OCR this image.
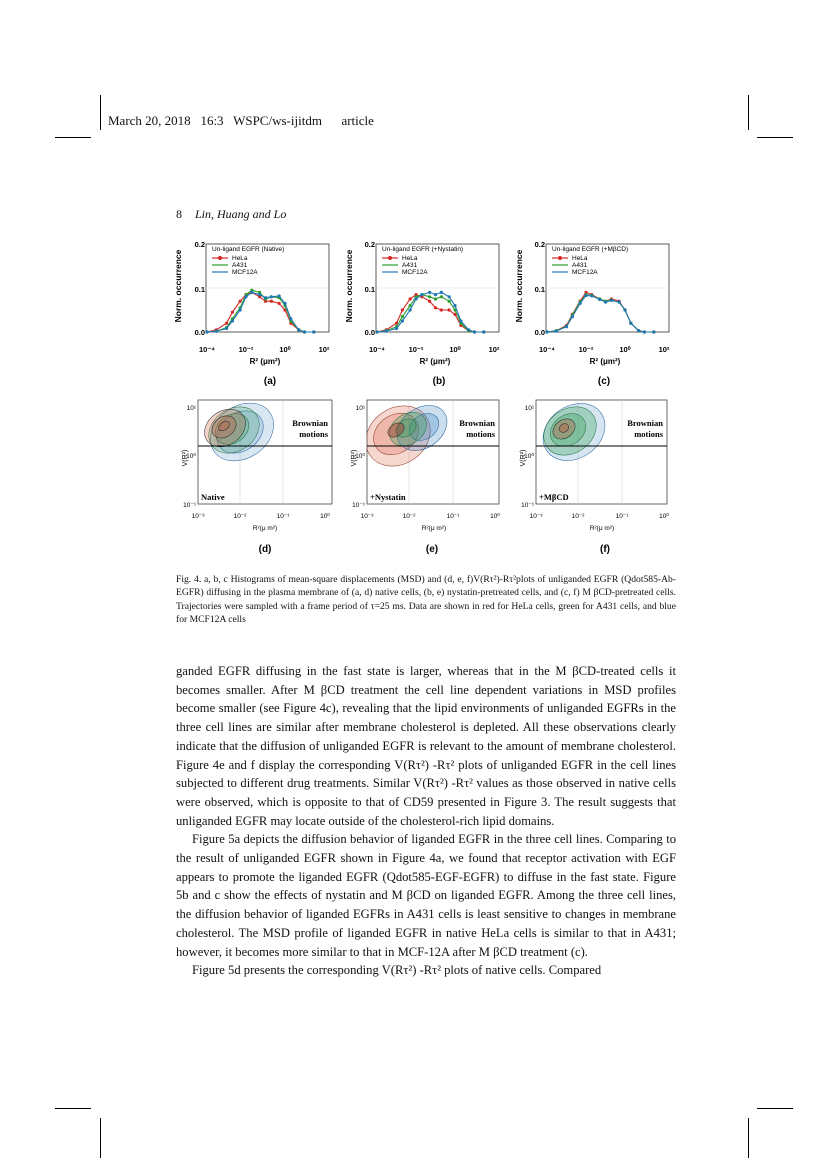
March 20, 2018 16:3 WSPC/ws-ijitdm article
8 Lin, Huang and Lo
Norm. occurrence
0.2
0.1
0.0
10⁻⁴	10⁻²	10⁰	10²
R² (μm²)
Un-ligand EGFR (Native)
HeLa
A431
MCF12A
(a)
Norm. occurrence
0.2
0.1
0.0
10⁻⁴	10⁻²	10⁰	10²
R² (μm²)
Un-ligand EGFR (+Nystatin)
HeLa
A431
MCF12A
(b)
Norm. occurrence
0.2
0.1
0.0
10⁻⁴	10⁻²	10⁰	10²
R² (μm²)
Un-ligand EGFR (+MβCD)
HeLa
A431
MCF12A
(c)
V(R²)
10¹
10⁰
10⁻¹
10⁻³	10⁻²	10⁻¹	10⁰
R²(μ m²)
Brownian
motions
Native
(d)
V(R²)
10¹
10⁰
10⁻¹
10⁻³	10⁻²	10⁻¹	10⁰
R²(μ m²)
Brownian
motions
+Nystatin
(e)
V(R²)
10¹
10⁰
10⁻¹
10⁻³	10⁻²	10⁻¹	10⁰
R²(μ m²)
Brownian
motions
+MβCD
(f)
Fig. 4. a, b, c Histograms of mean-square displacements (MSD) and (d, e, f)V(Rτ²)-Rτ²plots of unliganded EGFR (Qdot585-Ab-EGFR) diffusing in the plasma membrane of (a, d) native cells, (b, e) nystatin-pretreated cells, and (c, f) M βCD-pretreated cells. Trajectories were sampled with a frame period of τ=25 ms. Data are shown in red for HeLa cells, green for A431 cells, and blue for MCF12A cells

ganded EGFR diffusing in the fast state is larger, whereas that in the M βCD-treated cells it becomes smaller. After M βCD treatment the cell line dependent variations in MSD profiles become smaller (see Figure 4c), revealing that the lipid environments of unliganded EGFRs in the three cell lines are similar after membrane cholesterol is depleted. All these observations clearly indicate that the diffusion of unliganded EGFR is relevant to the amount of membrane cholesterol. Figure 4e and f display the corresponding V(Rτ²) -Rτ² plots of unliganded EGFR in the cell lines subjected to different drug treatments. Similar V(Rτ²) -Rτ² values as those observed in native cells were observed, which is opposite to that of CD59 presented in Figure 3. The result suggests that unliganded EGFR may locate outside of the cholesterol-rich lipid domains.

Figure 5a depicts the diffusion behavior of liganded EGFR in the three cell lines. Comparing to the result of unliganded EGFR shown in Figure 4a, we found that receptor activation with EGF appears to promote the liganded EGFR (Qdot585-EGF-EGFR) to diffuse in the fast state. Figure 5b and c show the effects of nystatin and M βCD on liganded EGFR. Among the three cell lines, the diffusion behavior of liganded EGFRs in A431 cells is least sensitive to changes in membrane cholesterol. The MSD profile of liganded EGFR in native HeLa cells is similar to that in A431; however, it becomes more similar to that in MCF-12A after M βCD treatment (c).

Figure 5d presents the corresponding V(Rτ²) -Rτ² plots of native cells. Compared
